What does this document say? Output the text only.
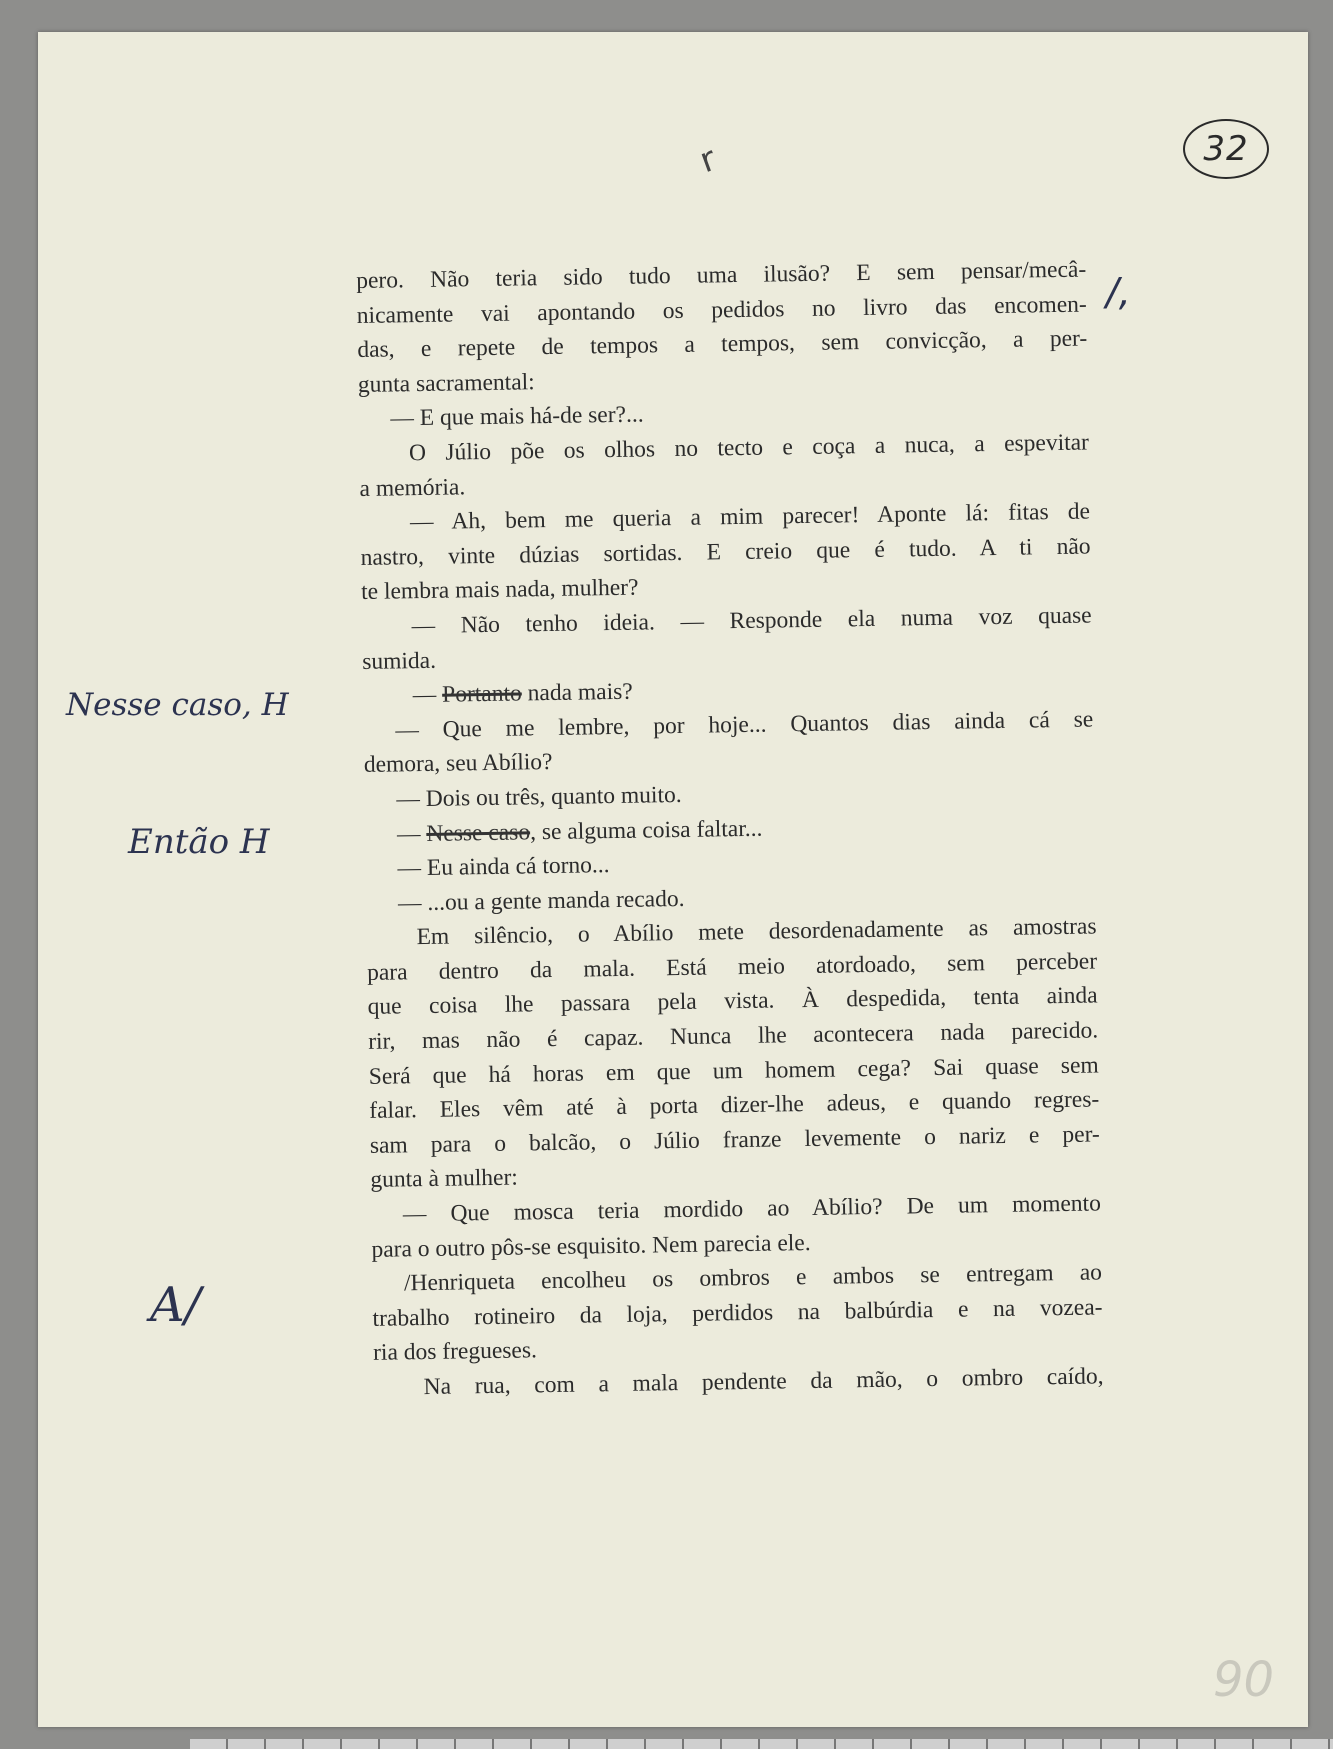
r	32
/,
Nesse caso, H
Então H
A/
pero. Não teria sido tudo uma ilusão? E sem pensar/mecâ-
nicamente vai apontando os pedidos no livro das encomen-
das, e repete de tempos a tempos, sem convicção, a per-
gunta sacramental:
— E que mais há-de ser?...
O Júlio põe os olhos no tecto e coça a nuca, a espevitar
a memória.
— Ah, bem me queria a mim parecer! Aponte lá: fitas de
nastro, vinte dúzias sortidas. E creio que é tudo. A ti não
te lembra mais nada, mulher?
— Não tenho ideia. — Responde ela numa voz quase
sumida.
— Portanto nada mais?
— Que me lembre, por hoje... Quantos dias ainda cá se
demora, seu Abílio?
— Dois ou três, quanto muito.
— Nesse caso, se alguma coisa faltar...
— Eu ainda cá torno...
— ...ou a gente manda recado.
Em silêncio, o Abílio mete desordenadamente as amostras
para dentro da mala. Está meio atordoado, sem perceber
que coisa lhe passara pela vista. À despedida, tenta ainda
rir, mas não é capaz. Nunca lhe acontecera nada parecido.
Será que há horas em que um homem cega? Sai quase sem
falar. Eles vêm até à porta dizer-lhe adeus, e quando regres-
sam para o balcão, o Júlio franze levemente o nariz e per-
gunta à mulher:
— Que mosca teria mordido ao Abílio? De um momento
para o outro pôs-se esquisito. Nem parecia ele.
/Henriqueta encolheu os ombros e ambos se entregam ao
trabalho rotineiro da loja, perdidos na balbúrdia e na vozea-
ria dos fregueses.
Na rua, com a mala pendente da mão, o ombro caído,
90
